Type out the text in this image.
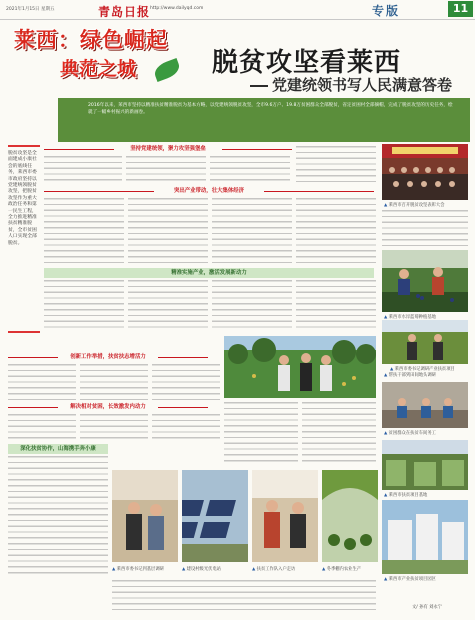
2021年1月15日 星期五	青岛日报 http://www.dailyqd.com	专版	11
莱西：绿色崛起
典范之城	脱贫攻坚看莱西
党建统领书写人民满意答卷
2016年以来，莱西市坚持以精准扶贫精准脱贫为基本方略，以党建统领脱贫攻坚，全市9.6万户、19.8万贫困群众全部脱贫，省定贫困村全部摘帽，完成了脱贫攻坚的历史任务，绘就了一幅乡村振兴的新画卷。
脱贫攻坚是全面建成小康社会的底线任务，莱西市委市政府坚持以党建统领脱贫攻坚，把脱贫攻坚作为重大政治任务和第一民生工程，全力推进精准扶贫精准脱贫，全市贫困人口实现全部脱贫。
坚持党建统领，聚力攻坚强堡垒
▲ 莱西市召开脱贫攻坚表彰大会
突出产业带动，壮大集体经济
▲ 莱西市水岸蓝莓种植基地
精准实施产业，激活发展新动力
创新工作举措，扶贫扶志增活力
▲ 莱西市委书记调研产业扶贫项目
▲ 帮扶干部到田间地头调研
▲ 贫困群众在扶贫车间务工
▲ 莱西市扶贫项目基地
解决相对贫困，长效激发内动力
深化扶贫协作，山海携手奔小康
▲ 莱西市委书记到基层调研	▲ 建设村级光伏电站	▲ 扶贫工作队入户走访	▲ 冬季棚内农业生产
▲ 莱西市产业扶贫项目园区
文/ 孙有 刘永宁
